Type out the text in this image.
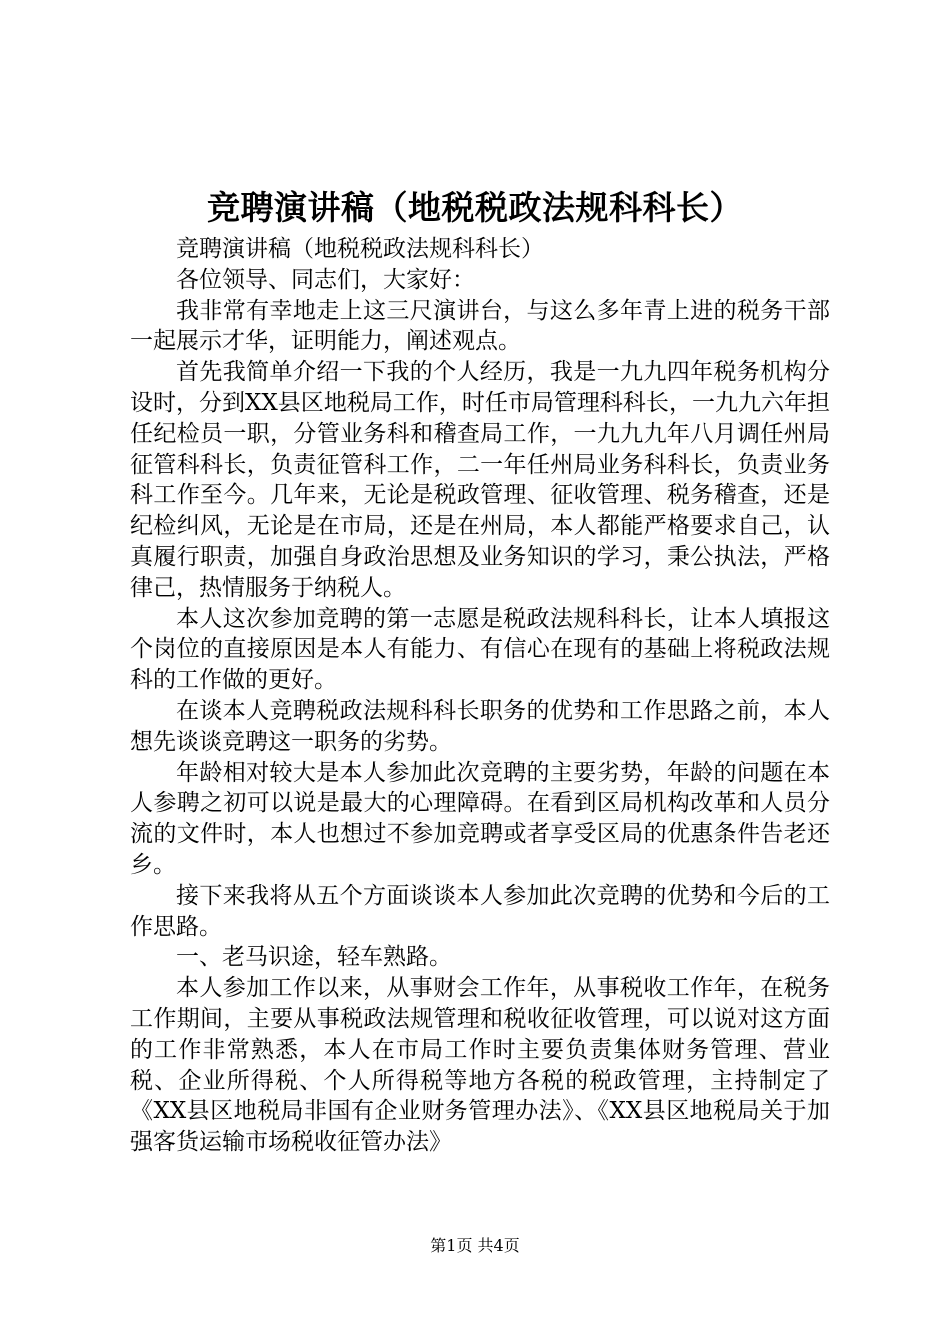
竞聘演讲稿（地税税政法规科科长）

竞聘演讲稿（地税税政法规科科长）

各位领导、同志们，大家好：

我非常有幸地走上这三尺演讲台，与这么多年青上进的税务干部一起展示才华，证明能力，阐述观点。

首先我简单介绍一下我的个人经历，我是一九九四年税务机构分设时，分到XX县区地税局工作，时任市局管理科科长，一九九六年担任纪检员一职，分管业务科和稽查局工作，一九九九年八月调任州局征管科科长，负责征管科工作，二一年任州局业务科科长，负责业务科工作至今。几年来，无论是税政管理、征收管理、税务稽查，还是纪检纠风，无论是在市局，还是在州局，本人都能严格要求自己，认真履行职责，加强自身政治思想及业务知识的学习，秉公执法，严格律己，热情服务于纳税人。

本人这次参加竞聘的第一志愿是税政法规科科长，让本人填报这个岗位的直接原因是本人有能力、有信心在现有的基础上将税政法规科的工作做的更好。

在谈本人竞聘税政法规科科长职务的优势和工作思路之前，本人想先谈谈竞聘这一职务的劣势。

年龄相对较大是本人参加此次竞聘的主要劣势，年龄的问题在本人参聘之初可以说是最大的心理障碍。在看到区局机构改革和人员分流的文件时，本人也想过不参加竞聘或者享受区局的优惠条件告老还乡。

接下来我将从五个方面谈谈本人参加此次竞聘的优势和今后的工作思路。

一、老马识途，轻车熟路。

本人参加工作以来，从事财会工作年，从事税收工作年，在税务工作期间，主要从事税政法规管理和税收征收管理，可以说对这方面的工作非常熟悉，本人在市局工作时主要负责集体财务管理、营业税、企业所得税、个人所得税等地方各税的税政管理，主持制定了《XX县区地税局非国有企业财务管理办法》、《XX县区地税局关于加强客货运输市场税收征管办法》

第1页 共4页
